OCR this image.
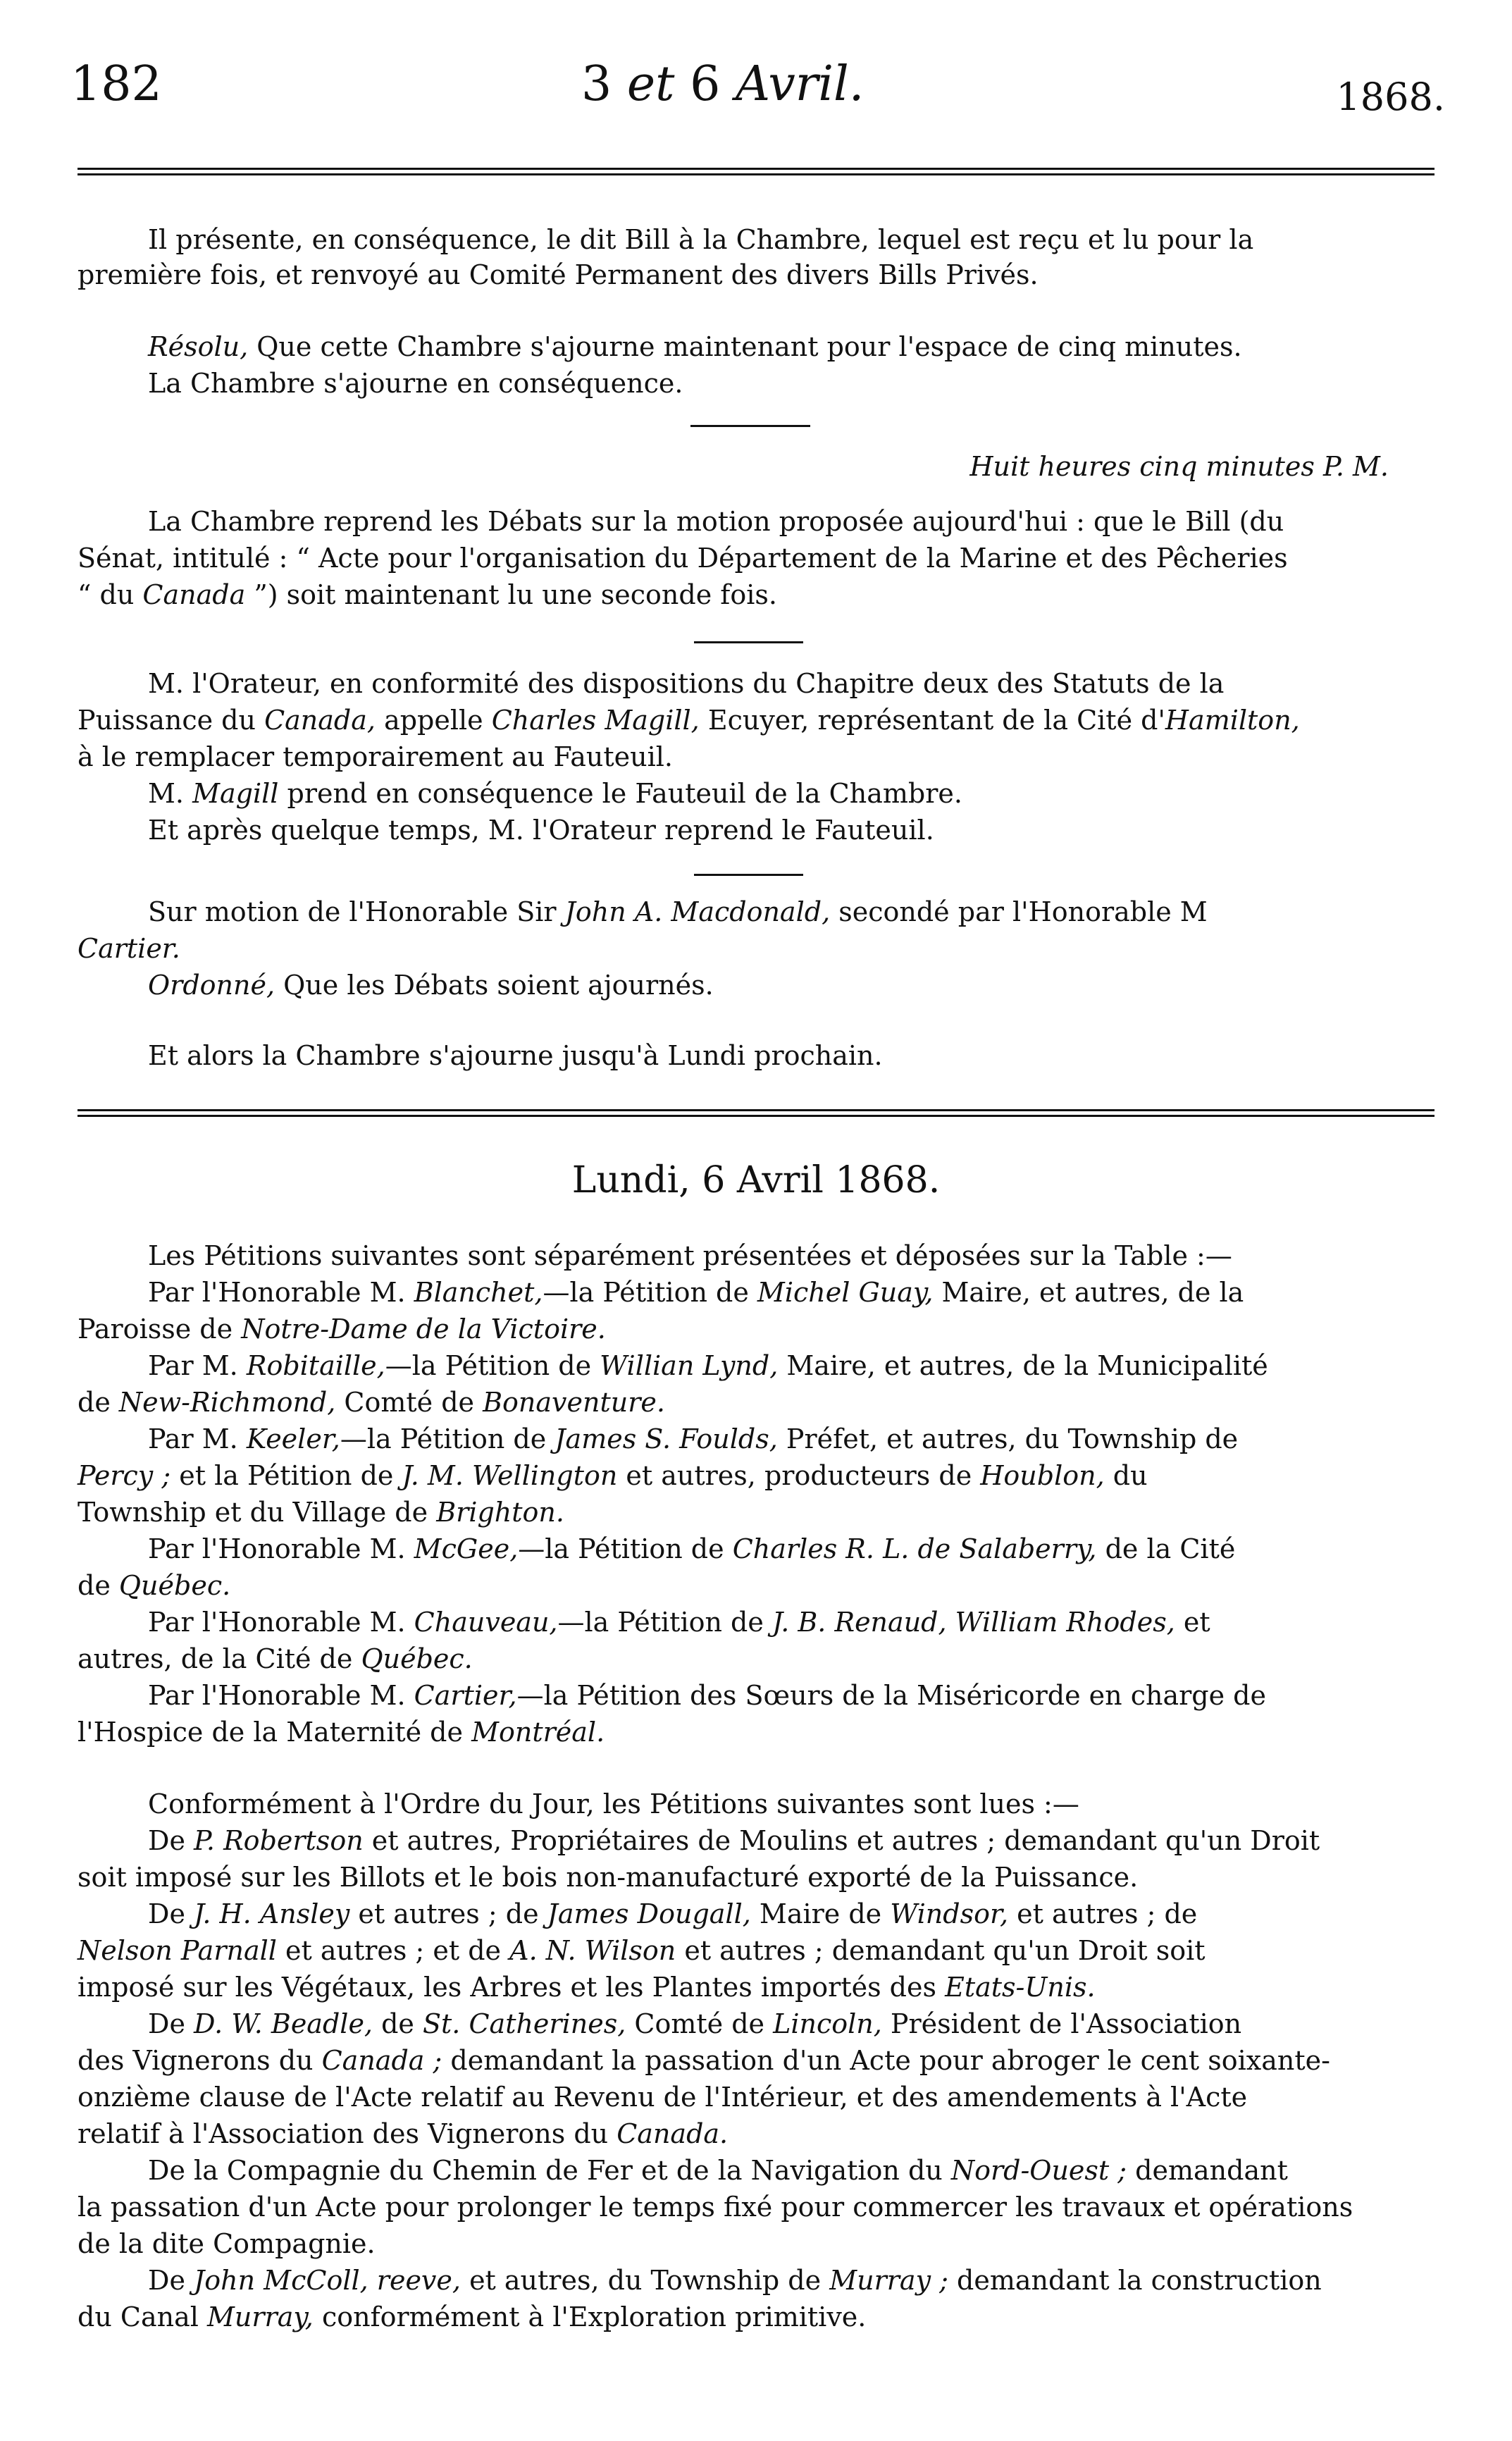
182	3 et 6 Avril.	1868.
Il présente, en conséquence, le dit Bill à la Chambre, lequel est reçu et lu pour la
première fois, et renvoyé au Comité Permanent des divers Bills Privés.
Résolu, Que cette Chambre s'ajourne maintenant pour l'espace de cinq minutes.
La Chambre s'ajourne en conséquence.
Huit heures cinq minutes P. M.
La Chambre reprend les Débats sur la motion proposée aujourd'hui : que le Bill (du
Sénat, intitulé : “ Acte pour l'organisation du Département de la Marine et des Pêcheries
“ du Canada ”) soit maintenant lu une seconde fois.
M. l'Orateur, en conformité des dispositions du Chapitre deux des Statuts de la
Puissance du Canada, appelle Charles Magill, Ecuyer, représentant de la Cité d'Hamilton,
à le remplacer temporairement au Fauteuil.
M. Magill prend en conséquence le Fauteuil de la Chambre.
Et après quelque temps, M. l'Orateur reprend le Fauteuil.
Sur motion de l'Honorable Sir John A. Macdonald, secondé par l'Honorable M
Cartier.
Ordonné, Que les Débats soient ajournés.
Et alors la Chambre s'ajourne jusqu'à Lundi prochain.
Lundi, 6 Avril 1868.
Les Pétitions suivantes sont séparément présentées et déposées sur la Table :—
Par l'Honorable M. Blanchet,—la Pétition de Michel Guay, Maire, et autres, de la
Paroisse de Notre-Dame de la Victoire.
Par M. Robitaille,—la Pétition de Willian Lynd, Maire, et autres, de la Municipalité
de New-Richmond, Comté de Bonaventure.
Par M. Keeler,—la Pétition de James S. Foulds, Préfet, et autres, du Township de
Percy ; et la Pétition de J. M. Wellington et autres, producteurs de Houblon, du
Township et du Village de Brighton.
Par l'Honorable M. McGee,—la Pétition de Charles R. L. de Salaberry, de la Cité
de Québec.
Par l'Honorable M. Chauveau,—la Pétition de J. B. Renaud, William Rhodes, et
autres, de la Cité de Québec.
Par l'Honorable M. Cartier,—la Pétition des Sœurs de la Miséricorde en charge de
l'Hospice de la Maternité de Montréal.
Conformément à l'Ordre du Jour, les Pétitions suivantes sont lues :—
De P. Robertson et autres, Propriétaires de Moulins et autres ; demandant qu'un Droit
soit imposé sur les Billots et le bois non-manufacturé exporté de la Puissance.
De J. H. Ansley et autres ; de James Dougall, Maire de Windsor, et autres ; de
Nelson Parnall et autres ; et de A. N. Wilson et autres ; demandant qu'un Droit soit
imposé sur les Végétaux, les Arbres et les Plantes importés des Etats-Unis.
De D. W. Beadle, de St. Catherines, Comté de Lincoln, Président de l'Association
des Vignerons du Canada ; demandant la passation d'un Acte pour abroger le cent soixante-
onzième clause de l'Acte relatif au Revenu de l'Intérieur, et des amendements à l'Acte
relatif à l'Association des Vignerons du Canada.
De la Compagnie du Chemin de Fer et de la Navigation du Nord-Ouest ; demandant
la passation d'un Acte pour prolonger le temps fixé pour commercer les travaux et opérations
de la dite Compagnie.
De John McColl, reeve, et autres, du Township de Murray ; demandant la construction
du Canal Murray, conformément à l'Exploration primitive.
